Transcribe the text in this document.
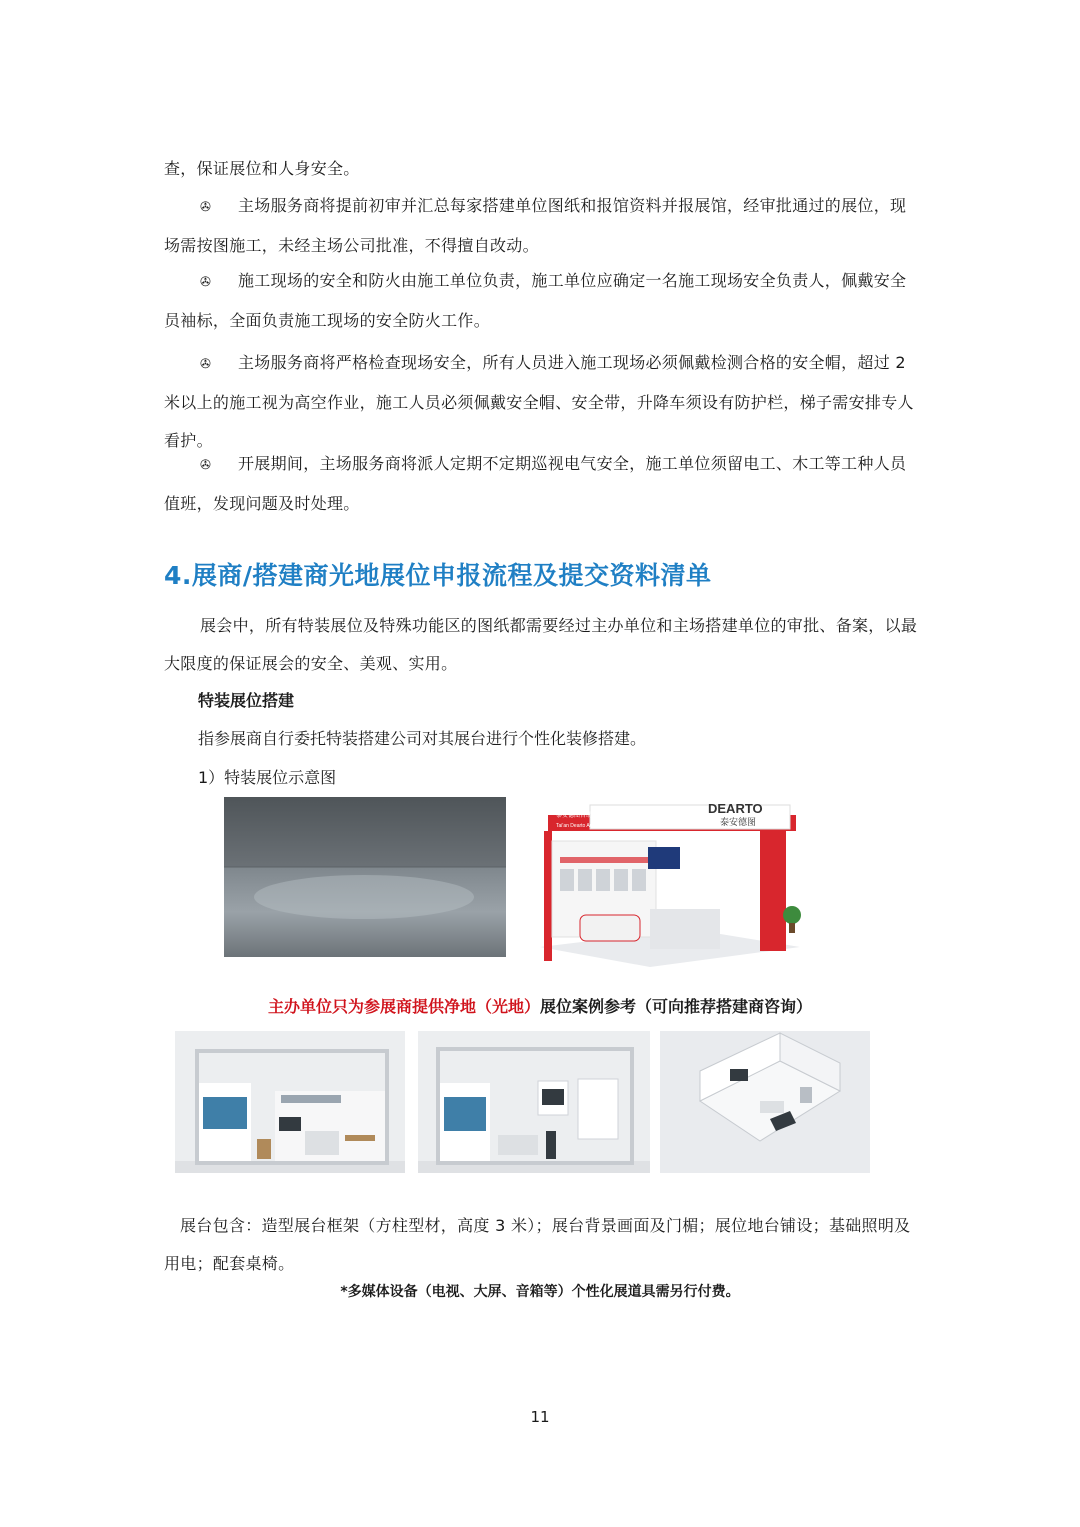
查，保证展位和人身安全。
✇ 主场服务商将提前初审并汇总每家搭建单位图纸和报馆资料并报展馆，经审批通过的展位，现场需按图施工，未经主场公司批准，不得擅自改动。
✇ 施工现场的安全和防火由施工单位负责，施工单位应确定一名施工现场安全负责人，佩戴安全员袖标，全面负责施工现场的安全防火工作。
✇ 主场服务商将严格检查现场安全，所有人员进入施工现场必须佩戴检测合格的安全帽，超过 2 米以上的施工视为高空作业，施工人员必须佩戴安全帽、安全带，升降车须设有防护栏，梯子需安排专人看护。
✇ 开展期间，主场服务商将派人定期不定期巡视电气安全，施工单位须留电工、木工等工种人员值班，发现问题及时处理。
4.展商/搭建商光地展位申报流程及提交资料清单
展会中，所有特装展位及特殊功能区的图纸都需要经过主办单位和主场搭建单位的审批、备案，以最大限度的保证展会的安全、美观、实用。
特装展位搭建
指参展商自行委托特装搭建公司对其展台进行个性化装修搭建。
1）特装展位示意图
DEARTO
泰安德图
泰安德图自动化仪器有限公司
Tai'an Dearto Automation Instrument Co.,Ltd
主办单位只为参展商提供净地（光地）展位案例参考（可向推荐搭建商咨询）
展台包含：造型展台框架（方柱型材，高度 3 米）；展台背景画面及门楣；展位地台铺设；基础照明及用电；配套桌椅。
*多媒体设备（电视、大屏、音箱等）个性化展道具需另行付费。
11
